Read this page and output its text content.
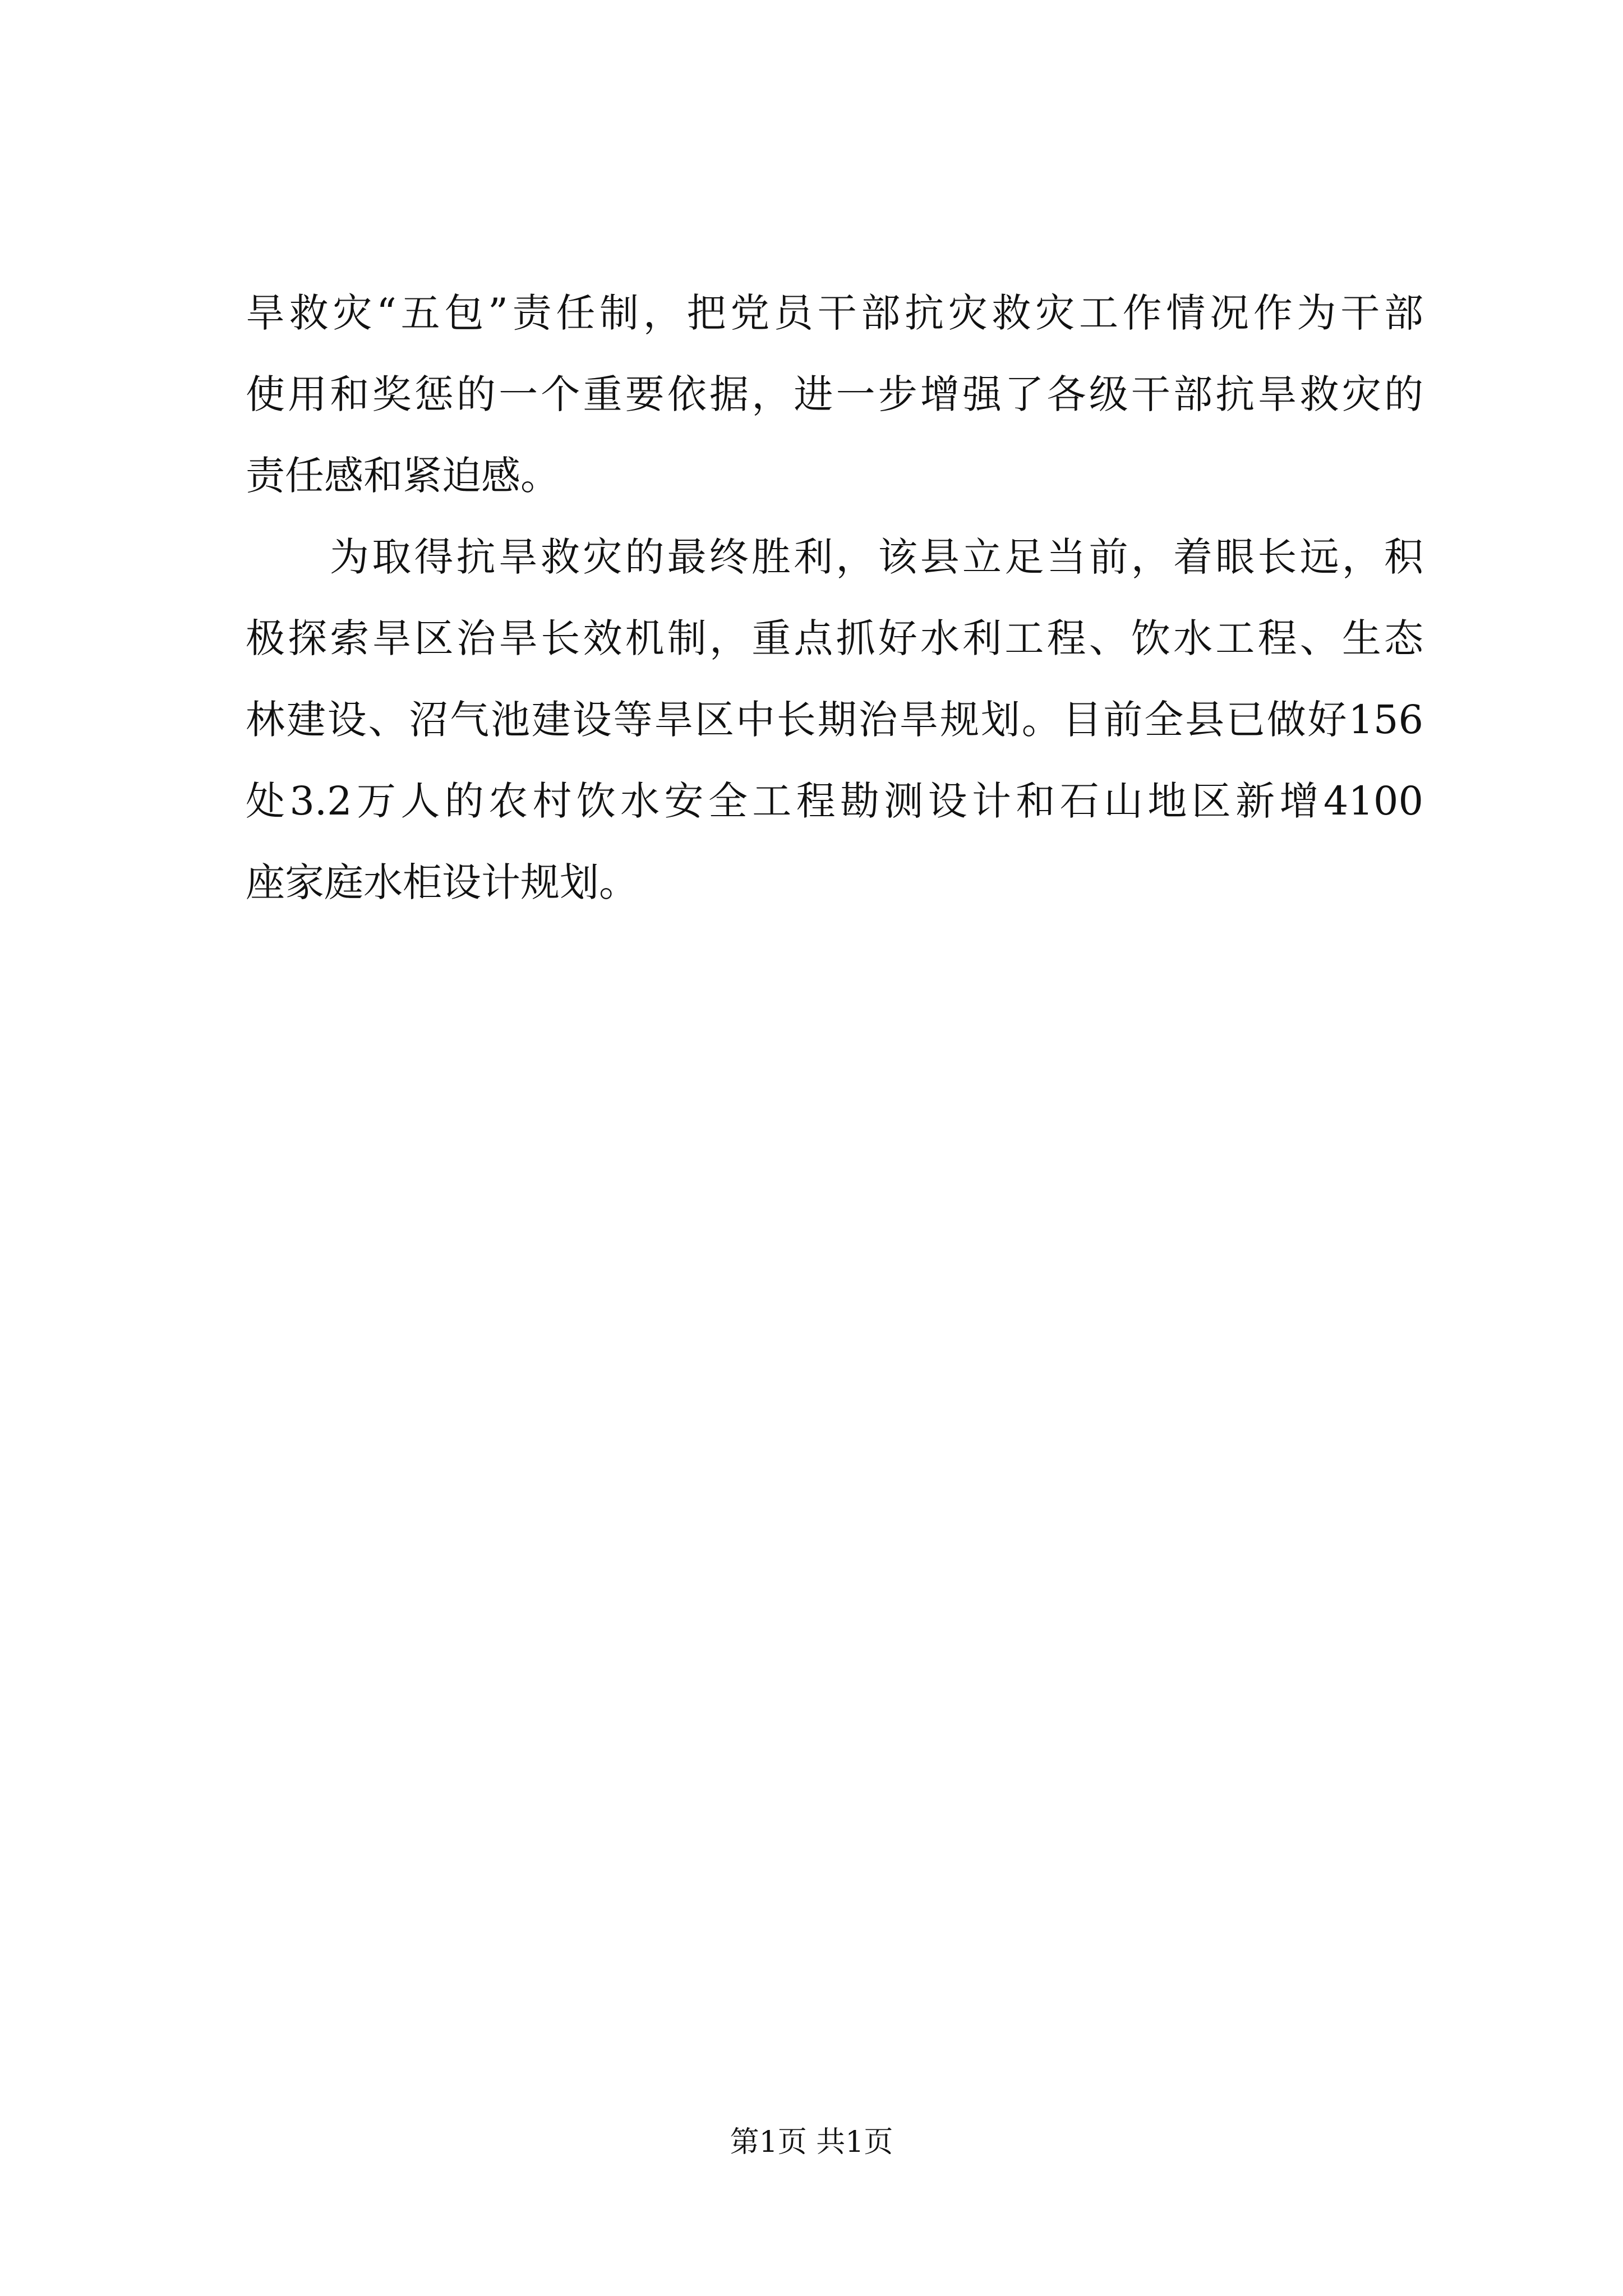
旱救灾“五包”责任制，把党员干部抗灾救灾工作情况作为干部
使用和奖惩的一个重要依据，进一步增强了各级干部抗旱救灾的
责任感和紧迫感。
为取得抗旱救灾的最终胜利，该县立足当前，着眼长远，积
极探索旱区治旱长效机制，重点抓好水利工程、饮水工程、生态
林建设、沼气池建设等旱区中长期治旱规划。目前全县已做好156
处3.2万人的农村饮水安全工程勘测设计和石山地区新增4100
座家庭水柜设计规划。
第1页 共1页
